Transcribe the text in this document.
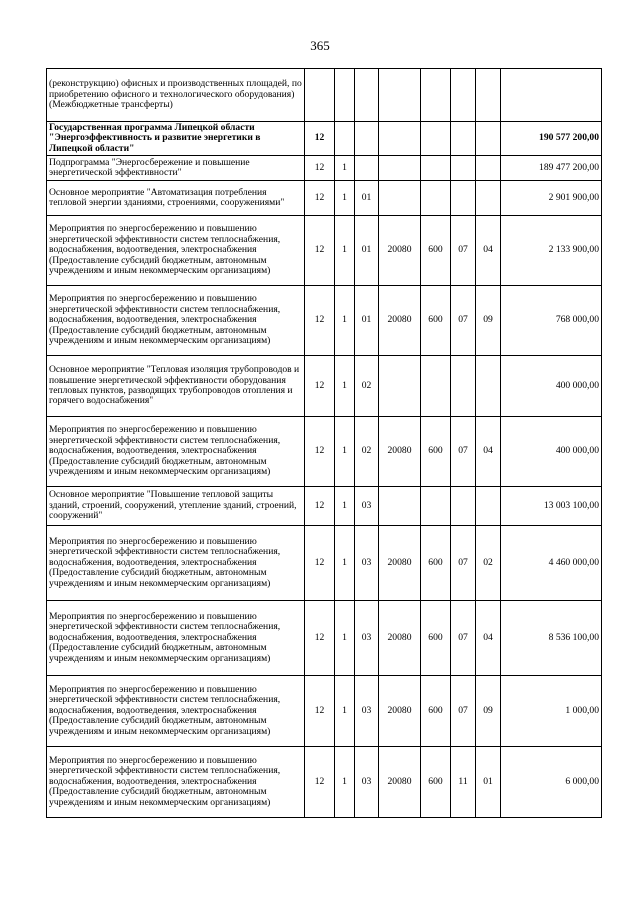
365
(реконструкцию) офисных и производственных площадей, по приобретению офисного и технологического оборудования) (Межбюджетные трансферты)								
Государственная программа Липецкой области "Энергоэффективность и развитие энергетики в Липецкой области"	12							190 577 200,00
Подпрограмма "Энергосбережение и повышение энергетической эффективности"	12	1						189 477 200,00
Основное мероприятие "Автоматизация потребления тепловой энергии зданиями, строениями, сооружениями"	12	1	01					2 901 900,00
Мероприятия по энергосбережению и повышению энергетической эффективности систем теплоснабжения, водоснабжения, водоотведения, электроснабжения (Предоставление субсидий бюджетным, автономным учреждениям и иным некоммерческим организациям)	12	1	01	20080	600	07	04	2 133 900,00
Мероприятия по энергосбережению и повышению энергетической эффективности систем теплоснабжения, водоснабжения, водоотведения, электроснабжения (Предоставление субсидий бюджетным, автономным учреждениям и иным некоммерческим организациям)	12	1	01	20080	600	07	09	768 000,00
Основное мероприятие "Тепловая изоляция трубопроводов и повышение энергетической эффективности оборудования тепловых пунктов, разводящих трубопроводов отопления и горячего водоснабжения"	12	1	02					400 000,00
Мероприятия по энергосбережению и повышению энергетической эффективности систем теплоснабжения, водоснабжения, водоотведения, электроснабжения (Предоставление субсидий бюджетным, автономным учреждениям и иным некоммерческим организациям)	12	1	02	20080	600	07	04	400 000,00
Основное мероприятие "Повышение тепловой защиты зданий, строений, сооружений, утепление зданий, строений, сооружений"	12	1	03					13 003 100,00
Мероприятия по энергосбережению и повышению энергетической эффективности систем теплоснабжения, водоснабжения, водоотведения, электроснабжения (Предоставление субсидий бюджетным, автономным учреждениям и иным некоммерческим организациям)	12	1	03	20080	600	07	02	4 460 000,00
Мероприятия по энергосбережению и повышению энергетической эффективности систем теплоснабжения, водоснабжения, водоотведения, электроснабжения (Предоставление субсидий бюджетным, автономным учреждениям и иным некоммерческим организациям)	12	1	03	20080	600	07	04	8 536 100,00
Мероприятия по энергосбережению и повышению энергетической эффективности систем теплоснабжения, водоснабжения, водоотведения, электроснабжения (Предоставление субсидий бюджетным, автономным учреждениям и иным некоммерческим организациям)	12	1	03	20080	600	07	09	1 000,00
Мероприятия по энергосбережению и повышению энергетической эффективности систем теплоснабжения, водоснабжения, водоотведения, электроснабжения (Предоставление субсидий бюджетным, автономным учреждениям и иным некоммерческим организациям)	12	1	03	20080	600	11	01	6 000,00
